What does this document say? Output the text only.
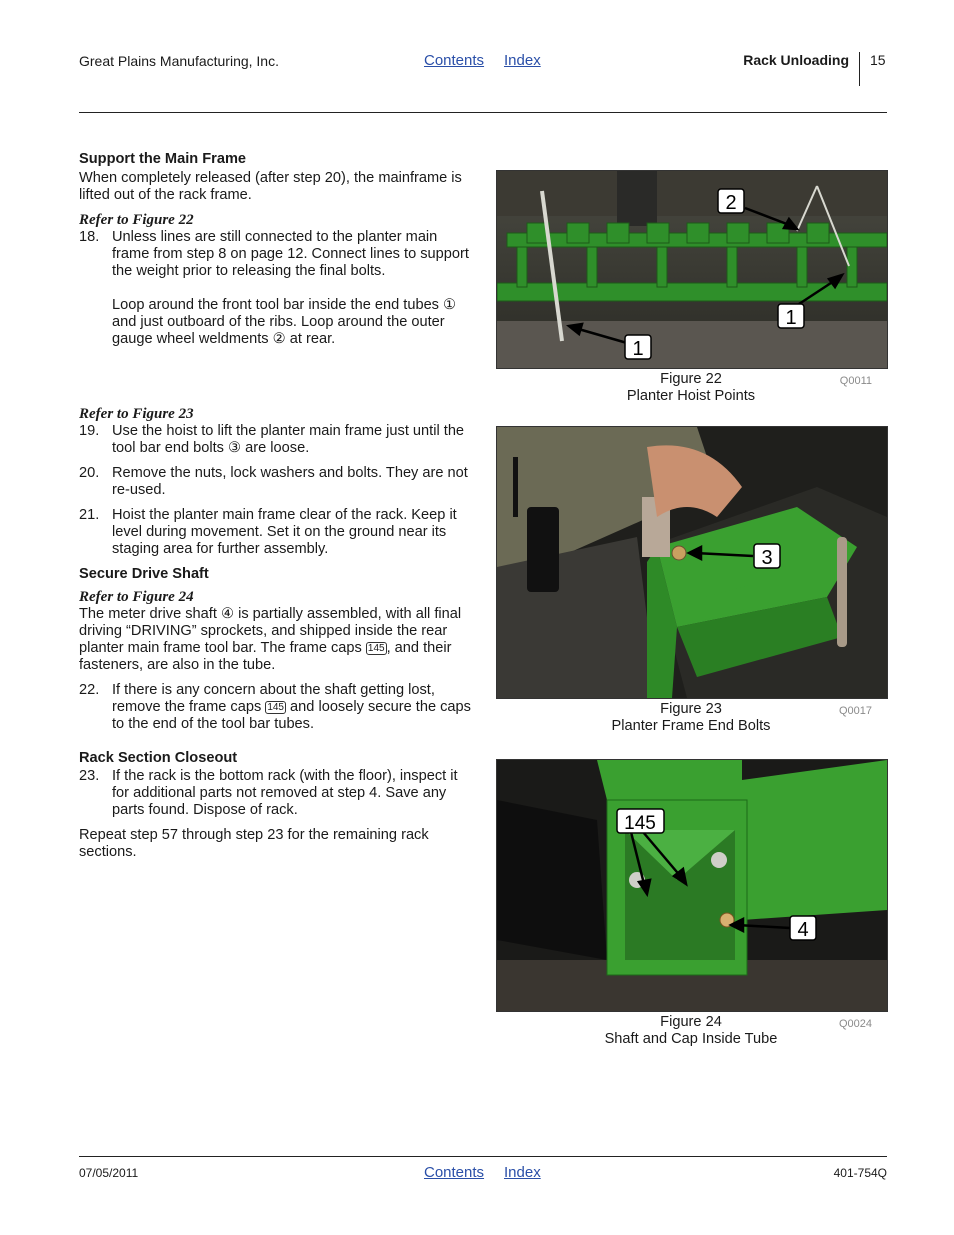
Great Plains Manufacturing, Inc.	Contents Index	Rack Unloading 15

Support the Main Frame

When completely released (after step 20), the mainframe is lifted out of the rack frame.

Refer to Figure 22

18. Unless lines are still connected to the planter main frame from step 8 on page 12. Connect lines to support the weight prior to releasing the final bolts.
Loop around the front tool bar inside the end tubes ① and just outboard of the ribs. Loop around the outer gauge wheel weldments ② at rear.

Refer to Figure 23

19. Use the hoist to lift the planter main frame just until the tool bar end bolts ③ are loose.
20. Remove the nuts, lock washers and bolts. They are not re-used.
21. Hoist the planter main frame clear of the rack. Keep it level during movement. Set it on the ground near its staging area for further assembly.

Secure Drive Shaft

Refer to Figure 24

The meter drive shaft ④ is partially assembled, with all final driving “DRIVING” sprockets, and shipped inside the rear planter main frame tool bar. The frame caps 145 , and their fasteners, are also in the tube.

22. If there is any concern about the shaft getting lost, remove the frame caps 145 and loosely secure the caps to the end of the tool bar tubes.

Rack Section Closeout

23. If the rack is the bottom rack (with the floor), inspect it for additional parts not removed at step 4. Save any parts found. Dispose of rack.

Repeat step 57 through step 23 for the remaining rack sections.

2
1
1
Figure 22
Planter Hoist Points
Q0011
3
Figure 23
Planter Frame End Bolts
Q0017
145
4
Figure 24
Shaft and Cap Inside Tube
Q0024
07/05/2011	Contents Index	401-754Q
